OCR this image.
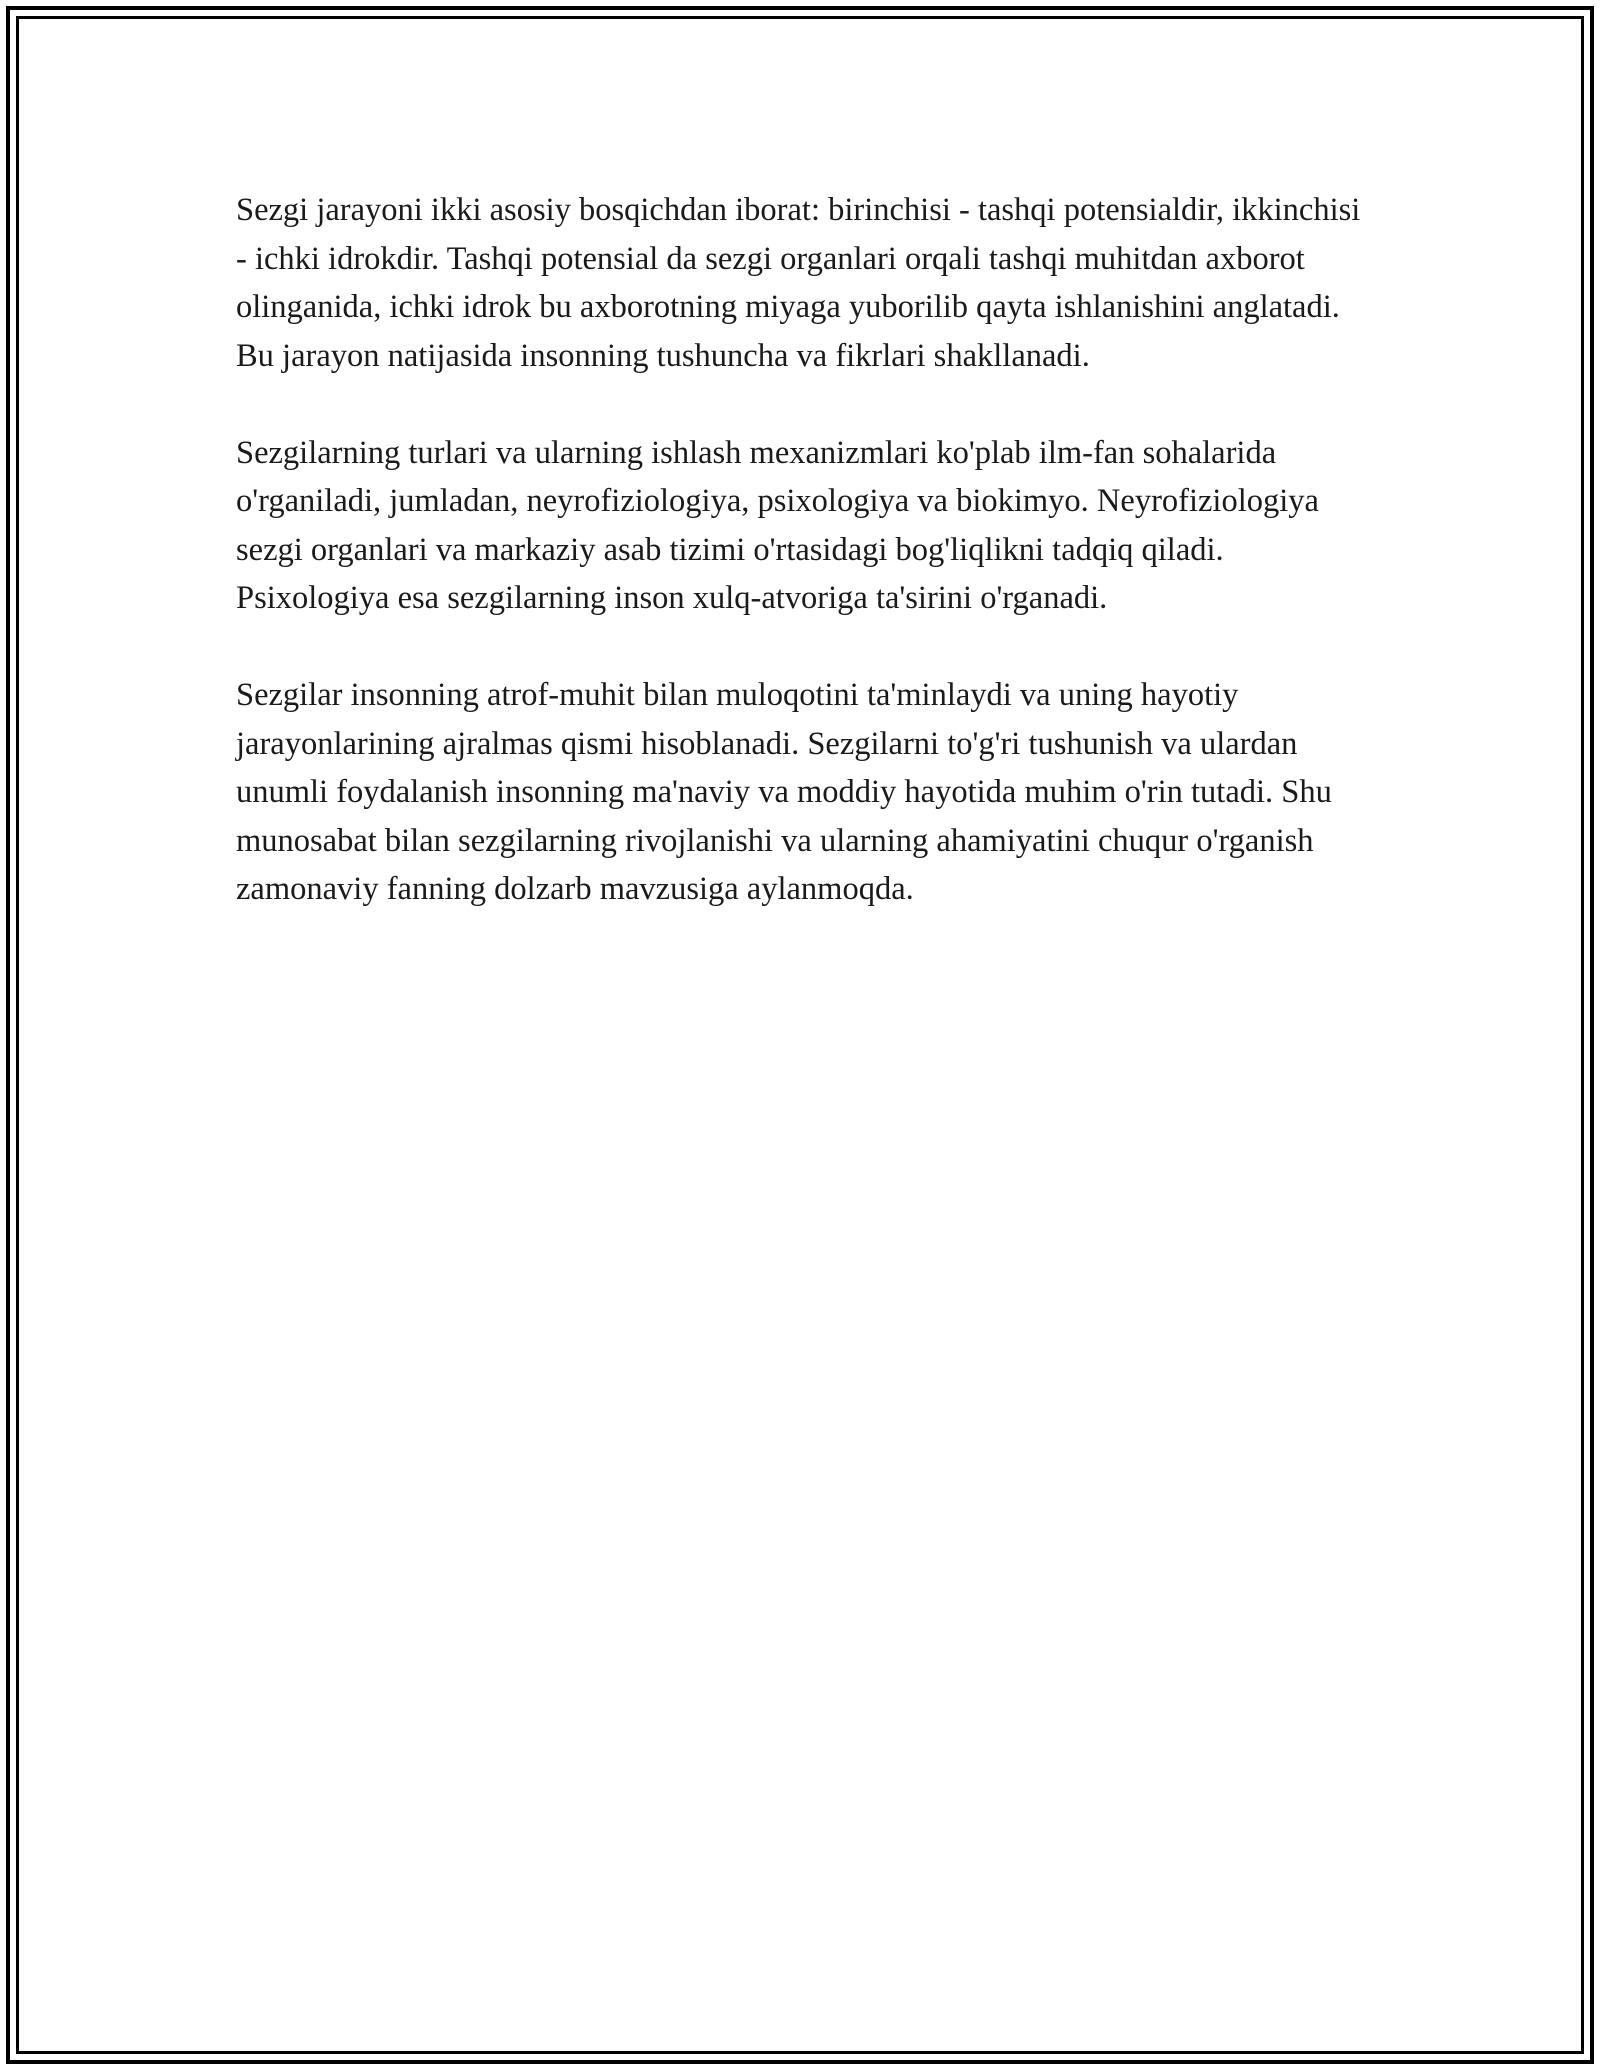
Sezgi jarayoni ikki asosiy bosqichdan iborat: birinchisi - tashqi potensialdir, ikkinchisi - ichki idrokdir. Tashqi potensial da sezgi organlari orqali tashqi muhitdan axborot olinganida, ichki idrok bu axborotning miyaga yuborilib qayta ishlanishini anglatadi. Bu jarayon natijasida insonning tushuncha va fikrlari shakllanadi.

Sezgilarning turlari va ularning ishlash mexanizmlari ko'plab ilm-fan sohalarida o'rganiladi, jumladan, neyrofiziologiya, psixologiya va biokimyo. Neyrofiziologiya sezgi organlari va markaziy asab tizimi o'rtasidagi bog'liqlikni tadqiq qiladi. Psixologiya esa sezgilarning inson xulq-atvoriga ta'sirini o'rganadi.

Sezgilar insonning atrof-muhit bilan muloqotini ta'minlaydi va uning hayotiy jarayonlarining ajralmas qismi hisoblanadi. Sezgilarni to'g'ri tushunish va ulardan unumli foydalanish insonning ma'naviy va moddiy hayotida muhim o'rin tutadi. Shu munosabat bilan sezgilarning rivojlanishi va ularning ahamiyatini chuqur o'rganish zamonaviy fanning dolzarb mavzusiga aylanmoqda.
